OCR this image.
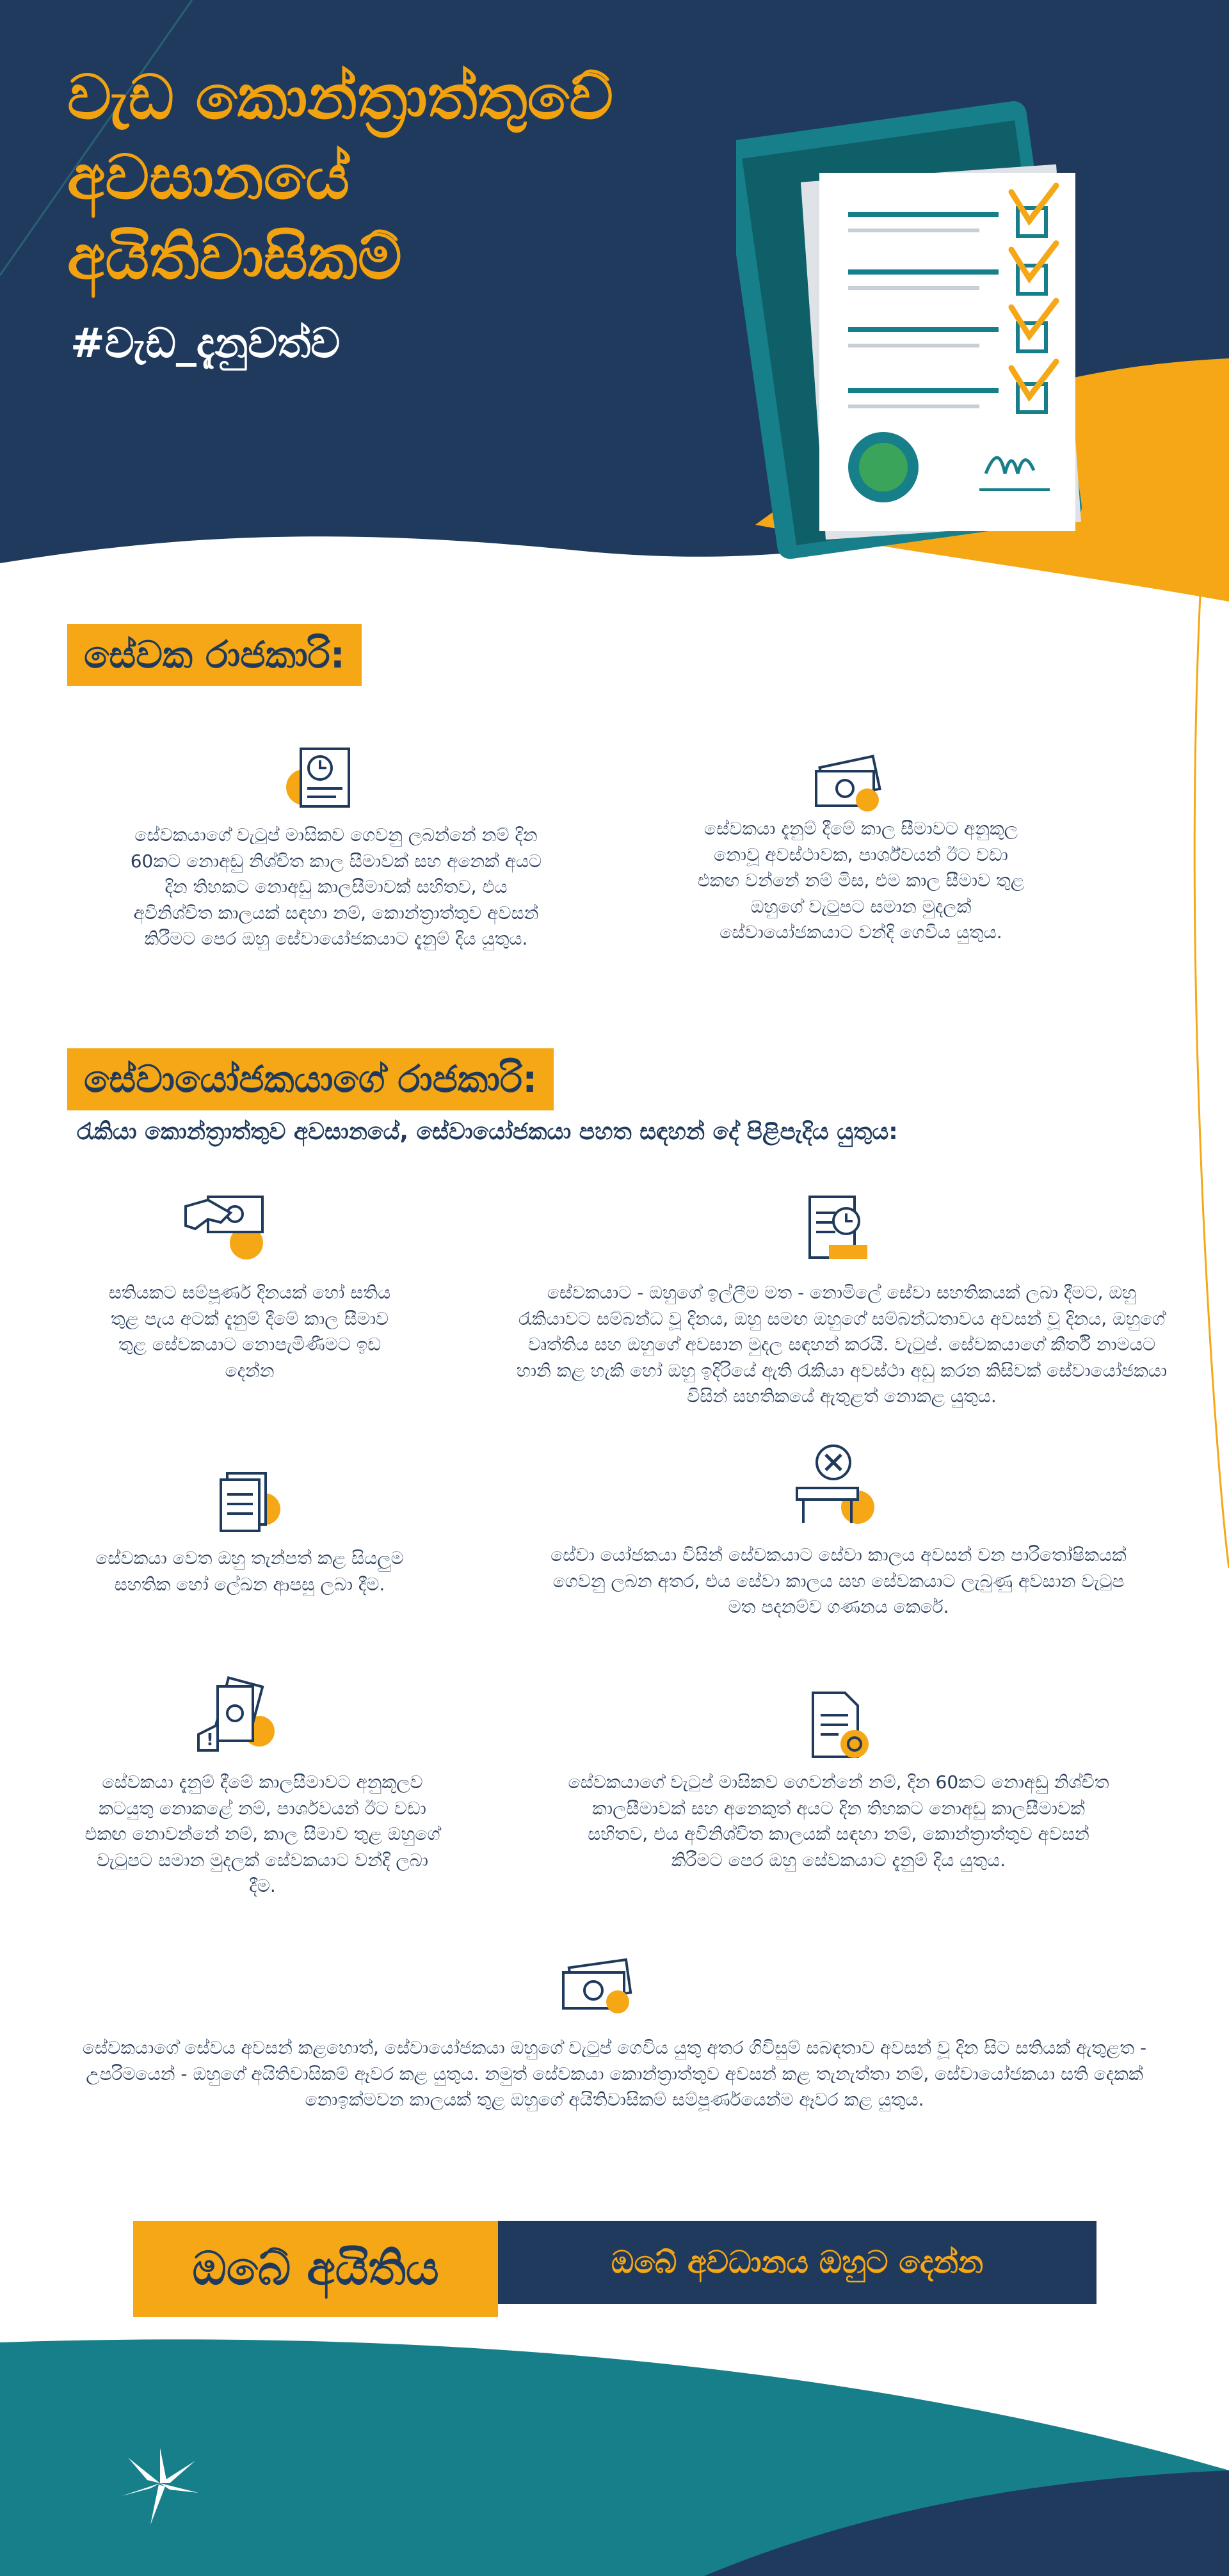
වැඩ කොන්ත්‍රාත්තුවේ
අවසානයේ
අයිතිවාසිකම්
#වැඩ_දැනුවත්ව
සේවක රාජකාරි:

සේවකයාගේ වැටුප් මාසිකව ගෙවනු ලබන්නේ නම් දින 60කට නොඅඩු නිශ්චිත කාල සීමාවක් සහ අනෙක් අයට දින තිහකට නොඅඩු කාලසීමාවක් සහිතව, එය අවිනිශ්චිත කාලයක් සඳහා නම්, කොන්ත්‍රාත්තුව අවසන් කිරීමට පෙර ඔහු සේවායෝජකයාට දැනුම් දිය යුතුය.

සේවකයා දැනුම් දීමේ කාල සීමාවට අනුකූල නොවූ අවස්ථාවක, පාර්ශ්වයන් ඊට වඩා එකඟ වන්නේ නම් මිස, එම කාල සීමාව තුළ ඔහුගේ වැටුපට සමාන මුදලක් සේවායෝජකයාට වන්දි ගෙවිය යුතුය.

සේවායෝජකයාගේ රාජකාරි:
රැකියා කොන්ත්‍රාත්තුව අවසානයේ, සේවායෝජකයා පහත සඳහන් දේ පිළිපැදිය යුතුය:

සතියකට සම්පූර්ණ දිනයක් හෝ සතිය තුළ පැය අටක් දැනුම් දීමේ කාල සීමාව තුළ සේවකයාට නොපැමිණීමට ඉඩ දෙන්න

සේවකයාට - ඔහුගේ ඉල්ලීම මත - නොමිලේ සේවා සහතිකයක් ලබා දීමට, ඔහු රැකියාවට සම්බන්ධ වූ දිනය, ඔහු සමඟ ඔහුගේ සම්බන්ධතාවය අවසන් වූ දිනය, ඔහුගේ වෘත්තිය සහ ඔහුගේ අවසාන මුදල සඳහන් කරයි. වැටුප්. සේවකයාගේ කීර්ති නාමයට හානි කළ හැකි හෝ ඔහු ඉදිරියේ ඇති රැකියා අවස්ථා අඩු කරන කිසිවක් සේවායෝජකයා විසින් සහතිකයේ ඇතුළත් නොකළ යුතුය.

සේවකයා වෙත ඔහු තැන්පත් කළ සියලුම සහතික හෝ ලේඛන ආපසු ලබා දීම.

සේවා යෝජකයා විසින් සේවකයාට සේවා කාලය අවසන් වන පාරිතෝෂිකයක් ගෙවනු ලබන අතර, එය සේවා කාලය සහ සේවකයාට ලැබුණු අවසාන වැටුප මත පදනම්ව ගණනය කෙරේ.

!

සේවකයා දැනුම් දීමේ කාලසීමාවට අනුකූලව කටයුතු නොකළේ නම්, පාර්ශවයන් ඊට වඩා එකඟ නොවන්නේ නම්, කාල සීමාව තුළ ඔහුගේ වැටුපට සමාන මුදලක් සේවකයාට වන්දි ලබා දීම.

සේවකයාගේ වැටුප් මාසිකව ගෙවන්නේ නම්, දින 60කට නොඅඩු නිශ්චිත කාලසීමාවක් සහ අනෙකුත් අයට දින තිහකට නොඅඩු කාලසීමාවක් සහිතව, එය අවිනිශ්චිත කාලයක් සඳහා නම්, කොන්ත්‍රාත්තුව අවසන් කිරීමට පෙර ඔහු සේවකයාට දැනුම් දිය යුතුය.

සේවකයාගේ සේවය අවසන් කළහොත්, සේවායෝජකයා ඔහුගේ වැටුප් ගෙවිය යුතු අතර ගිවිසුම් සබඳතාව අවසන් වූ දින සිට සතියක් ඇතුළත - උපරිමයෙන් - ඔහුගේ අයිතිවාසිකම් ඈවර කළ යුතුය. නමුත් සේවකයා කොන්ත්‍රාත්තුව අවසන් කළ තැනැත්තා නම්, සේවායෝජකයා සති දෙකක් නොඉක්මවන කාලයක් තුළ ඔහුගේ අයිතිවාසිකම් සම්පූර්ණයෙන්ම ඈවර කළ යුතුය.

ඔබේ අයිතිය	ඔබේ අවධානය ඔහුට දෙන්න
hrsd_sa
